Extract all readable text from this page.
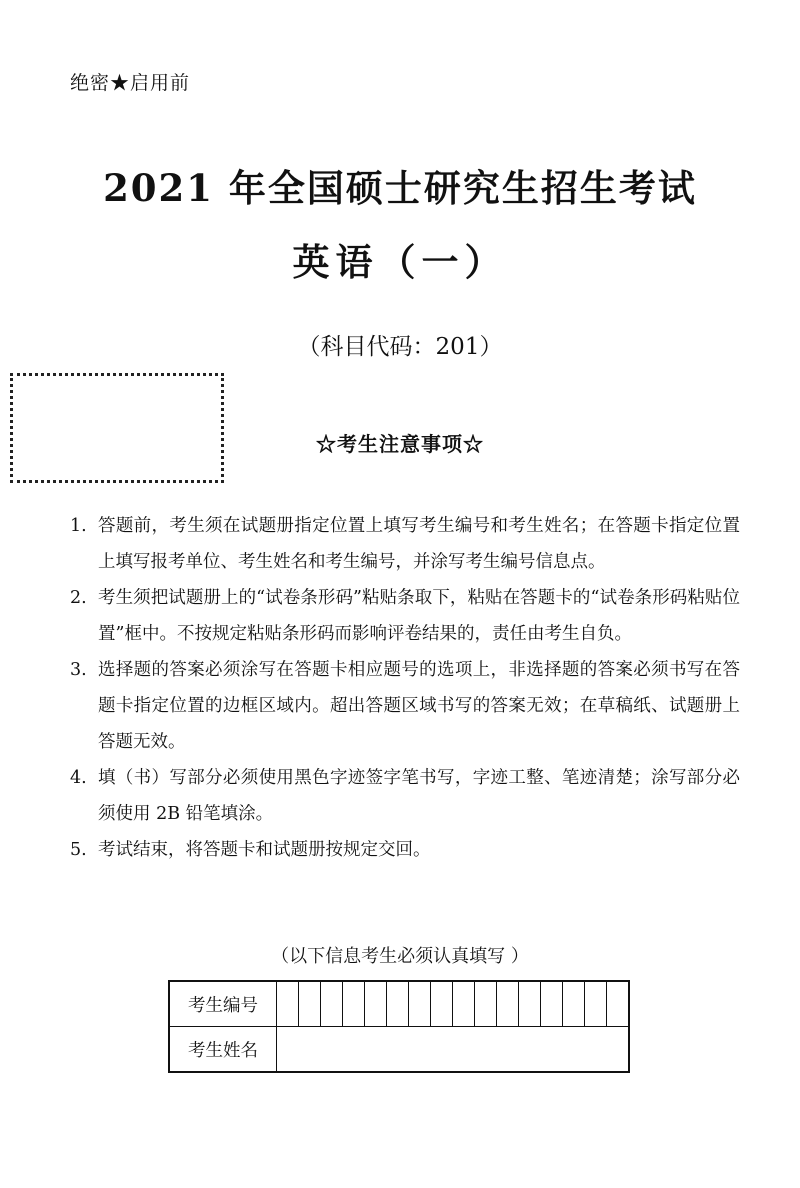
绝密★启用前
2021 年全国硕士研究生招生考试
英语（一）
（科目代码：201）
☆考生注意事项☆
1. 答题前，考生须在试题册指定位置上填写考生编号和考生姓名；在答题卡指定位置上填写报考单位、考生姓名和考生编号，并涂写考生编号信息点。
2. 考生须把试题册上的“试卷条形码”粘贴条取下，粘贴在答题卡的“试卷条形码粘贴位置”框中。不按规定粘贴条形码而影响评卷结果的，责任由考生自负。
3. 选择题的答案必须涂写在答题卡相应题号的选项上，非选择题的答案必须书写在答题卡指定位置的边框区域内。超出答题区域书写的答案无效；在草稿纸、试题册上答题无效。
4. 填（书）写部分必须使用黑色字迹签字笔书写，字迹工整、笔迹清楚；涂写部分必须使用 2B 铅笔填涂。
5. 考试结束，将答题卡和试题册按规定交回。
（以下信息考生必须认真填写 ）
考生编号																
考生姓名																
